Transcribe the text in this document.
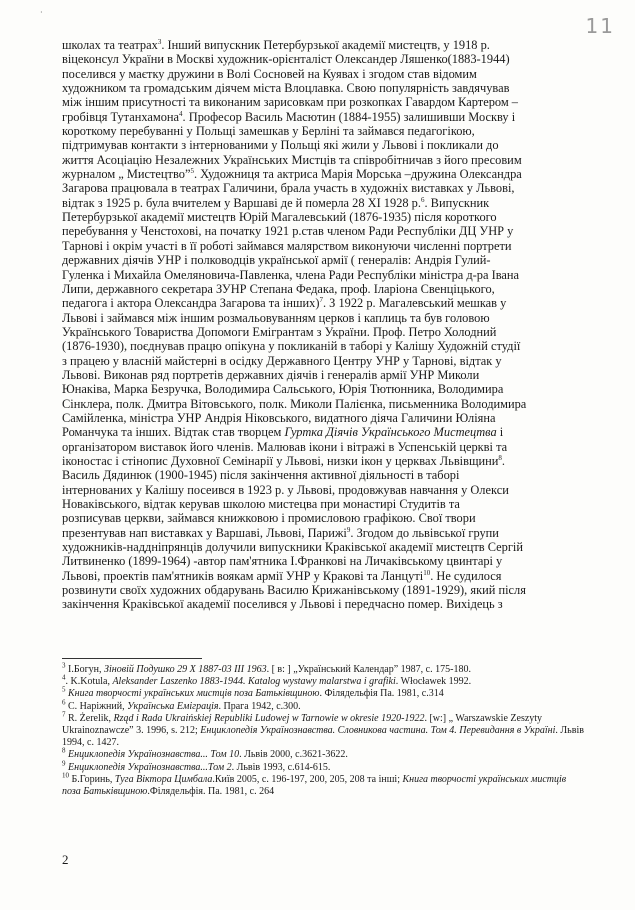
·
11
школах та театрах$^3$. Інший випускник Петербурзької академії мистецтв, у 1918 р.
віцеконсул України в Москві художник-орієнталіст Олександер Ляшенко(1883-1944)
поселився у маєтку дружини в Волі Сосновей на Куявах і згодом став відомим
художником та громадським діячем міста Влоцлавка. Свою популярність завдячував
між іншим присутності та виконаним зарисовкам при розкопках Гавардом Картером –
гробівця Тутанхамона$^4$. Професор Василь Масютин (1884-1955) залишивши Москву і
короткому перебуванні у Польщі замешкав у Берліні та займався педагогікою,
підтримував контакти з інтернованими у Польщі які жили у Львові і покликали до
життя Асоціацію Незалежних Українських Мистців та співробітничав з його пресовим
журналом „ Мистецтво”$^5$. Художниця та актриса Марія Морська –дружина Олександра
Загарова працювала в театрах Галичини, брала участь в художніх виставках у Львові,
відтак з 1925 р. була вчителем у Варшаві де й померла 28 XI 1928 р.$^6$. Випускник
Петербурзької академії мистецтв Юрій Магалевський (1876-1935) після короткого
перебування у Ченстохові, на початку 1921 р.став членом Ради Республіки ДЦ УНР у
Тарнові і окрім участі в її роботі займався малярством виконуючи численні портрети
державних діячів УНР і полководців української армії ( генералів: Андрія Гулий-
Гуленка і Михайла Омеляновича-Павленка, члена Ради Республіки міністра д-ра Івана
Липи, державного секретара ЗУНР Степана Федака, проф. Іларіона Свенціцького,
педагога і актора Олександра Загарова та інших)$^7$. З 1922 р. Магалевський мешкав у
Львові і займався між іншим розмальовуванням церков і каплиць та був головою
Українського Товариства Допомоги Емігрантам з України. Проф. Петро Холодний
(1876-1930), поєднував працю опікуна у покликаній в таборі у Калішу Художній студії
з працею у власній майстерні в осідку Державного Центру УНР у Тарнові, відтак у
Львові. Виконав ряд портретів державних діячів і генералів армії УНР Миколи
Юнаківа, Марка Безручка, Володимира Сальського, Юрія Тютюнника, Володимира
Сінклера, полк. Дмитра Вітовського, полк. Миколи Палієнка, письменника Володимира
Самійленка, міністра УНР Андрія Ніковського, видатного діяча Галичини Юліяна
Романчука та інших. Відтак став творцем Гуртка Діячів Українського Мистецтва і
організатором виставок його членів. Малював ікони і вітражі в Успенській церкві та
іконостас і стінопис Духовної Семінарії у Львові, низки ікон у церквах Львівщини$^8$.
Василь Дядинюк (1900-1945) після закінчення активної діяльності в таборі
інтернованих у Калішу посеився в 1923 р. у Львові, продовжував навчання у Олекси
Новаківського, відтак керував школою мистецва при монастирі Студитів та
розписував церкви, займався книжковою і промисловою графікою. Свої твори
презентував нап виставках у Варшаві, Львові, Парижі$^9$. Згодом до львівської групи
художників-наддніпрянців долучили випускники Краківської академії мистецтв Сергій
Литвиненко (1899-1964) -автор пам'ятника І.Франкові на Личаківському цвинтарі у
Львові, проектів пам'ятників воякам армії УНР у Кракові та Ланцуті$^{10}$. Не судилося
розвинути своїх художних обдарувань Василю Крижанівському (1891-1929), який після
закінчення Краківської академії поселився у Львові і передчасно помер. Вихідець з
$^3$ І.Богун, Зіновій Подушко 29 Х 1887-03 III 1963. [ в: ] „Український Календар” 1987, с. 175-180.
$^4$. K.Kotula, Aleksander Laszenko 1883-1944. Katalog wystawy malarstwa i grafiki. Włocławek 1992.
$^5$ Книга творчості українських мистців поза Батьківщиною. Філядельфія Па. 1981, с.314
$^6$ С. Наріжний, Українська Еміграція. Прага 1942, с.300.
$^7$ R. Żerelik, Rząd i Rada Ukraińskiej Republiki Ludowej w Tarnowie w okresie 1920-1922. [w:] „ Warszawskie Zeszyty Ukrainoznawcze” 3. 1996, s. 212; Енциклопедія Українознавства. Словникова частина. Том 4. Перевидання в Україні. Львів 1994, с. 1427.
$^8$ Енциклопедія Українознавства... Том 10. Львів 2000, с.3621-3622.
$^9$ Енциклопедія Українознавства...Том 2. Львів 1993, с.614-615.
$^{10}$ Б.Горинь, Туга Віктора Цимбала.Київ 2005, с. 196-197, 200, 205, 208 та інші; Книга творчості українських мистців поза Батьківщиною.Філядельфія. Па. 1981, с. 264
2
